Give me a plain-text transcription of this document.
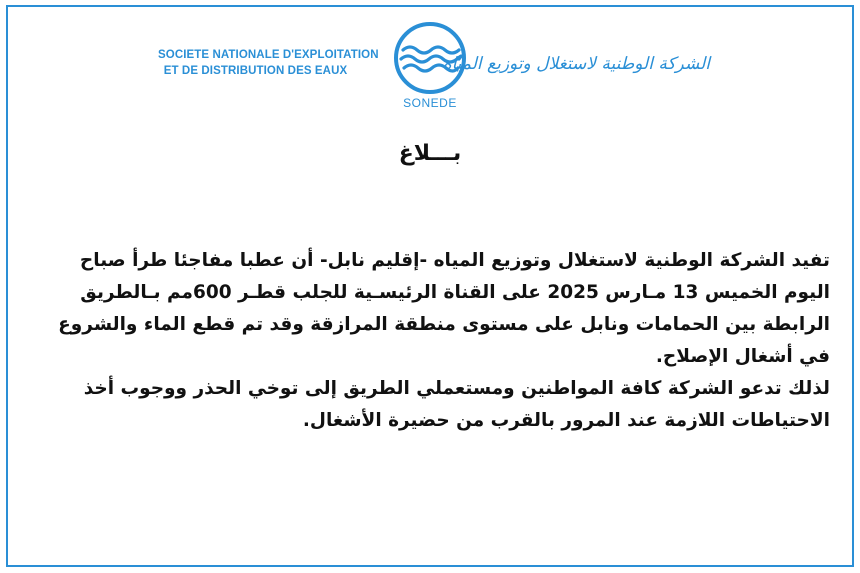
SOCIETE NATIONALE D'EXPLOITATION
ET DE DISTRIBUTION DES EAUX
SONEDE
الشركة الوطنية لاستغلال وتوزيع المياه
بـــلاغ
تفيد الشركة الوطنية لاستغلال وتوزيع المياه -إقليم نابل- أن عطبا مفاجئا طرأ صباح
اليوم الخميس 13 مـارس 2025 على القناة الرئيسـية للجلب قطـر 600مم بـالطريق
الرابطة بين الحمامات ونابل على مستوى منطقة المرازقة وقد تم قطع الماء والشروع
في أشغال الإصلاح.
لذلك تدعو الشركة كافة المواطنين ومستعملي الطريق إلى توخي الحذر ووجوب أخذ
الاحتياطات اللازمة عند المرور بالقرب من حضيرة الأشغال.
